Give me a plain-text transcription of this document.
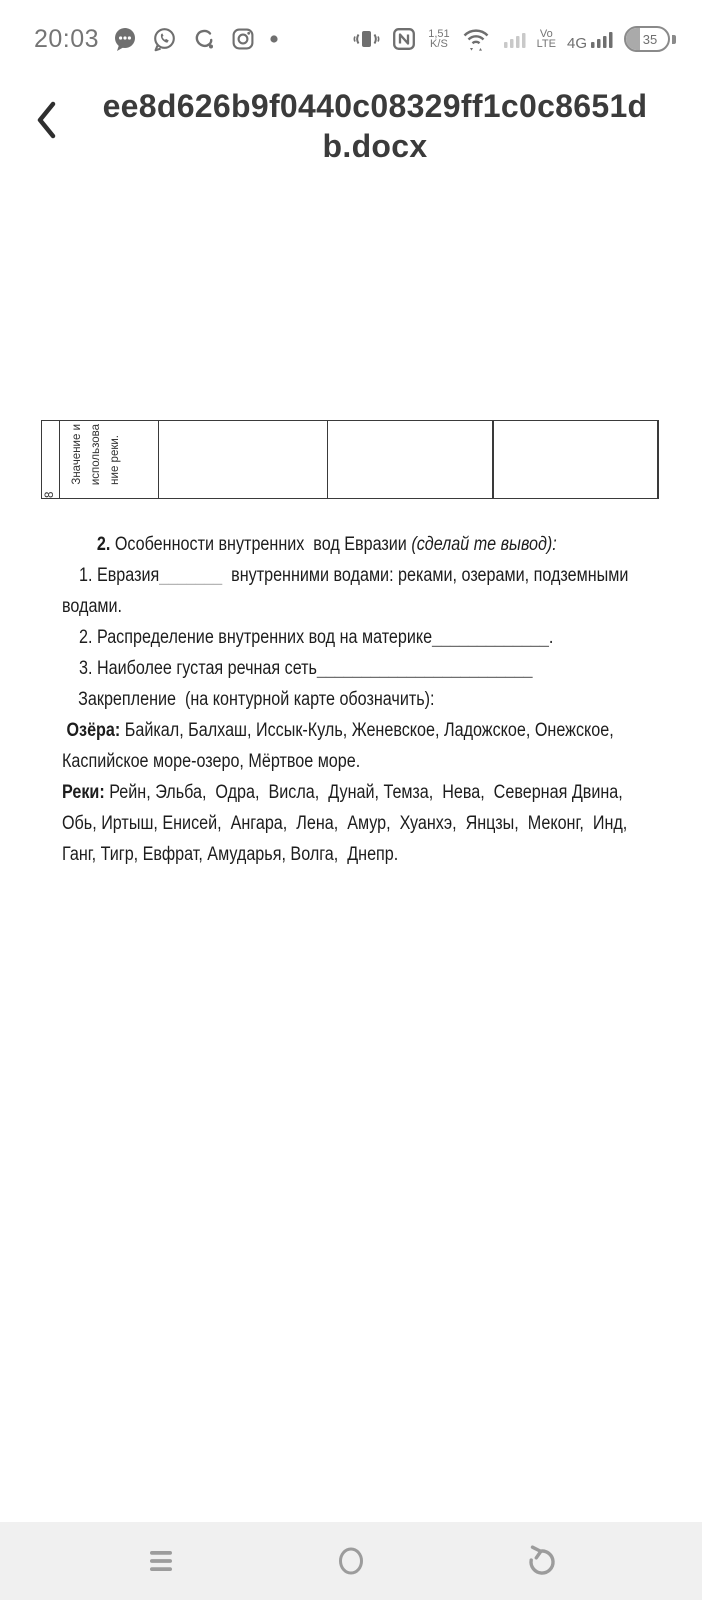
20:03	1,51
K/S
Vo
LTE 4G	35
ee8d626b9f0440c08329ff1c0c8651d
b.docx
8
Значение и использова ние реки.

2. Особенности внутренних  вод Евразии (сделай те вывод):

1. Евразия_______  внутренними водами: реками, озерами, подземными
водами.

2. Распределение внутренних вод на материке_____________.

3. Наиболее густая речная сеть________________________

Закрепление  (на контурной карте обозначить):

Озёра: Байкал, Балхаш, Иссык-Куль, Женевское, Ладожское, Онежское,
Каспийское море-озеро, Мёртвое море.

Реки: Рейн, Эльба,  Одра,  Висла,  Дунай, Темза,  Нева,  Северная Двина,
Обь, Иртыш, Енисей,  Ангара,  Лена,  Амур,  Хуанхэ,  Янцзы,  Меконг,  Инд,
Ганг, Тигр, Евфрат, Амударья, Волга,  Днепр.
